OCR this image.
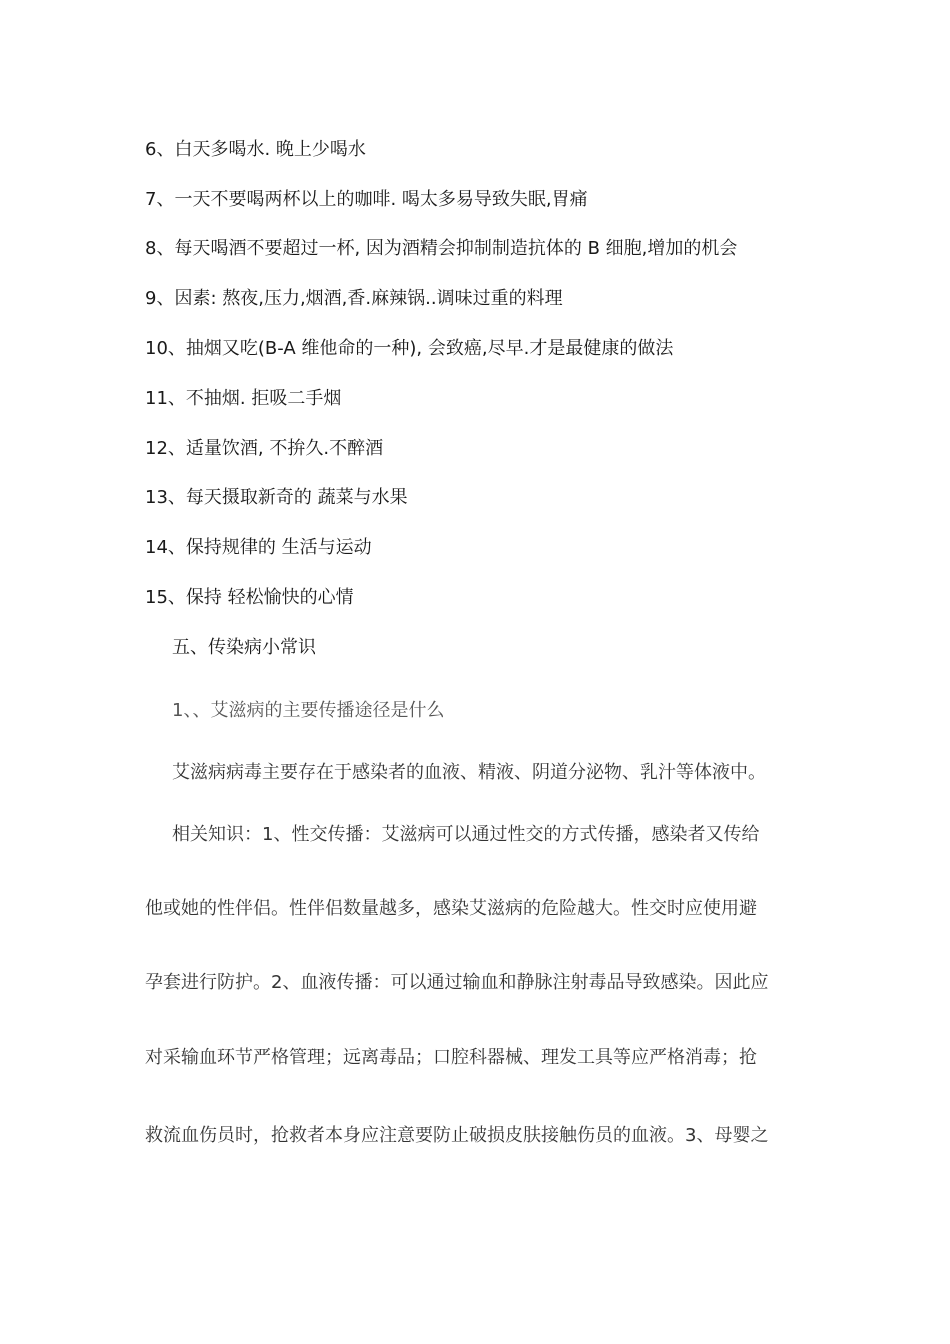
6、白天多喝水. 晚上少喝水
7、一天不要喝两杯以上的咖啡. 喝太多易导致失眠,胃痛
8、每天喝酒不要超过一杯, 因为酒精会抑制制造抗体的 B 细胞,增加的机会
9、因素: 熬夜,压力,烟酒,香.麻辣锅..调味过重的料理
10、抽烟又吃(B-A 维他命的一种), 会致癌,尽早.才是最健康的做法
11、不抽烟. 拒吸二手烟
12、适量饮酒, 不拚久.不醉酒
13、每天摄取新奇的 蔬菜与水果
14、保持规律的 生活与运动
15、保持 轻松愉快的心情
五、传染病小常识
1、、艾滋病的主要传播途径是什么
艾滋病病毒主要存在于感染者的血液、精液、阴道分泌物、乳汁等体液中。
相关知识：1、性交传播：艾滋病可以通过性交的方式传播，感染者又传给
他或她的性伴侣。性伴侣数量越多，感染艾滋病的危险越大。性交时应使用避
孕套进行防护。2、血液传播：可以通过输血和静脉注射毒品导致感染。因此应
对采输血环节严格管理；远离毒品；口腔科器械、理发工具等应严格消毒；抢
救流血伤员时，抢救者本身应注意要防止破损皮肤接触伤员的血液。3、母婴之
